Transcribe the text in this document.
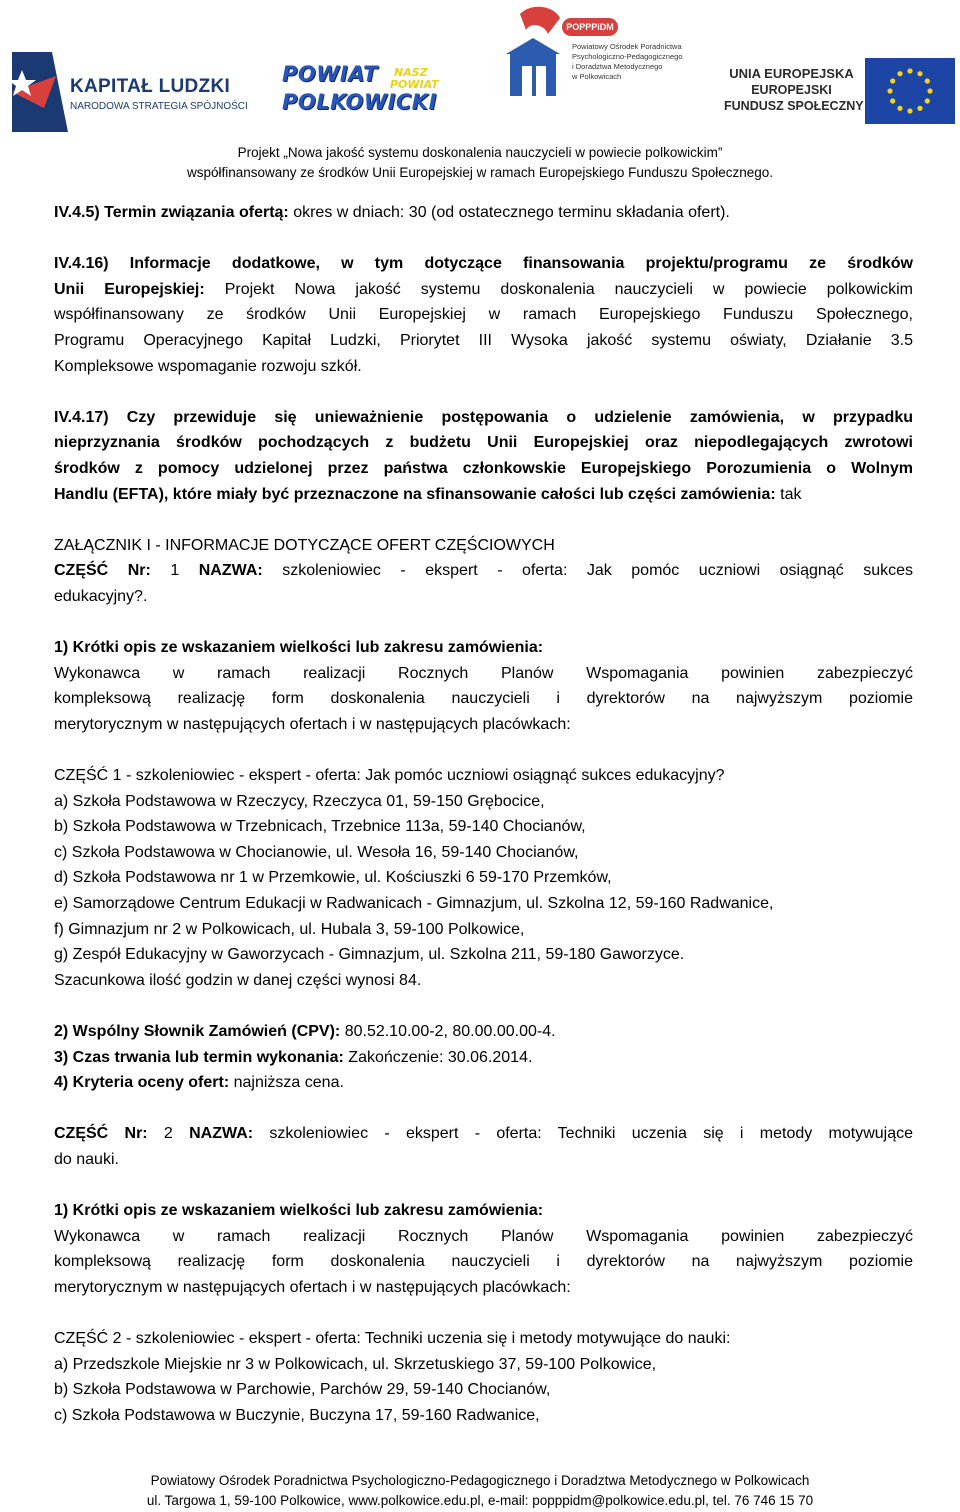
KAPITAŁ LUDZKI
NARODOWA STRATEGIA SPÓJNOŚCI
POWIAT
POLKOWICKI
NASZ
POWIAT
POPPPiDM
Powiatowy Ośrodek Poradnictwa
Psychologiczno-Pedagogicznego
i Doradztwa Metodycznego
w Polkowicach	UNIA EUROPEJSKA
EUROPEJSKI
FUNDUSZ SPOŁECZNY
Projekt „Nowa jakość systemu doskonalenia nauczycieli w powiecie polkowickim”
współfinansowany ze środków Unii Europejskiej w ramach Europejskiego Funduszu Społecznego.
IV.4.5) Termin związania ofertą: okres w dniach: 30 (od ostatecznego terminu składania ofert).
IV.4.16) Informacje dodatkowe, w tym dotyczące finansowania projektu/programu ze środków
Unii Europejskiej: Projekt Nowa jakość systemu doskonalenia nauczycieli w powiecie polkowickim
współfinansowany ze środków Unii Europejskiej w ramach Europejskiego Funduszu Społecznego,
Programu Operacyjnego Kapitał Ludzki, Priorytet III Wysoka jakość systemu oświaty, Działanie 3.5
Kompleksowe wspomaganie rozwoju szkół.
IV.4.17) Czy przewiduje się unieważnienie postępowania o udzielenie zamówienia, w przypadku
nieprzyznania środków pochodzących z budżetu Unii Europejskiej oraz niepodlegających zwrotowi
środków z pomocy udzielonej przez państwa członkowskie Europejskiego Porozumienia o Wolnym
Handlu (EFTA), które miały być przeznaczone na sfinansowanie całości lub części zamówienia: tak
ZAŁĄCZNIK I - INFORMACJE DOTYCZĄCE OFERT CZĘŚCIOWYCH
CZĘŚĆ Nr: 1 NAZWA: szkoleniowiec - ekspert - oferta: Jak pomóc uczniowi osiągnąć sukces
edukacyjny?.
1) Krótki opis ze wskazaniem wielkości lub zakresu zamówienia:
Wykonawca w ramach realizacji Rocznych Planów Wspomagania powinien zabezpieczyć
kompleksową realizację form doskonalenia nauczycieli i dyrektorów na najwyższym poziomie
merytorycznym w następujących ofertach i w następujących placówkach:
CZĘŚĆ 1 - szkoleniowiec - ekspert - oferta: Jak pomóc uczniowi osiągnąć sukces edukacyjny?
a) Szkoła Podstawowa w Rzeczycy, Rzeczyca 01, 59-150 Grębocice,
b) Szkoła Podstawowa w Trzebnicach, Trzebnice 113a, 59-140 Chocianów,
c) Szkoła Podstawowa w Chocianowie, ul. Wesoła 16, 59-140 Chocianów,
d) Szkoła Podstawowa nr 1 w Przemkowie, ul. Kościuszki 6 59-170 Przemków,
e) Samorządowe Centrum Edukacji w Radwanicach - Gimnazjum, ul. Szkolna 12, 59-160 Radwanice,
f) Gimnazjum nr 2 w Polkowicach, ul. Hubala 3, 59-100 Polkowice,
g) Zespół Edukacyjny w Gaworzycach - Gimnazjum, ul. Szkolna 211, 59-180 Gaworzyce.
Szacunkowa ilość godzin w danej części wynosi 84.
2) Wspólny Słownik Zamówień (CPV): 80.52.10.00-2, 80.00.00.00-4.
3) Czas trwania lub termin wykonania: Zakończenie: 30.06.2014.
4) Kryteria oceny ofert: najniższa cena.
CZĘŚĆ Nr: 2 NAZWA: szkoleniowiec - ekspert - oferta: Techniki uczenia się i metody motywujące
do nauki.
1) Krótki opis ze wskazaniem wielkości lub zakresu zamówienia:
Wykonawca w ramach realizacji Rocznych Planów Wspomagania powinien zabezpieczyć
kompleksową realizację form doskonalenia nauczycieli i dyrektorów na najwyższym poziomie
merytorycznym w następujących ofertach i w następujących placówkach:
CZĘŚĆ 2 - szkoleniowiec - ekspert - oferta: Techniki uczenia się i metody motywujące do nauki:
a) Przedszkole Miejskie nr 3 w Polkowicach, ul. Skrzetuskiego 37, 59-100 Polkowice,
b) Szkoła Podstawowa w Parchowie, Parchów 29, 59-140 Chocianów,
c) Szkoła Podstawowa w Buczynie, Buczyna 17, 59-160 Radwanice,
Powiatowy Ośrodek Poradnictwa Psychologiczno-Pedagogicznego i Doradztwa Metodycznego w Polkowicach
ul. Targowa 1, 59-100 Polkowice, www.polkowice.edu.pl, e-mail: popppidm@polkowice.edu.pl, tel. 76 746 15 70
